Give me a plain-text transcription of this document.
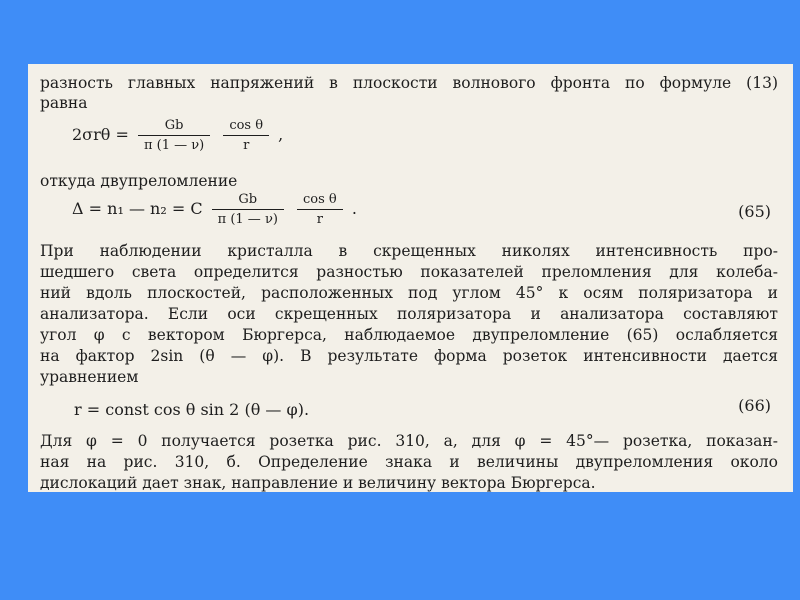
разность главных напряжений в плоскости волнового фронта по формуле (13)
равна
$2\sigma r\theta = \frac{Gb}{\pi (1 — \nu)}$
$\frac{\text{cos θ}}{r}$ ,
откуда двупреломление
Δ = n₁ — n₂ = C $\frac{Gb}{\pi (1 — \nu)}$
$\frac{\text{cos θ}}{r}$ .	(65)
При наблюдении кристалла в скрещенных николях интенсивность про-
шедшего света определится разностью показателей преломления для колеба-
ний вдоль плоскостей, расположенных под углом 45° к осям поляризатора и
анализатора. Если оси скрещенных поляризатора и анализатора составляют
угол φ с вектором Бюргерса, наблюдаемое двупреломление (65) ослабляется
на фактор 2sin (θ — φ). В результате форма розеток интенсивности дается
уравнением
r = const cos θ sin 2 (θ — φ).	(66)
Для φ = 0 получается розетка рис. 310, а, для φ = 45°— розетка, показан-
ная на рис. 310, б. Определение знака и величины двупреломления около
дислокаций дает знак, направление и величину вектора Бюргерса.
